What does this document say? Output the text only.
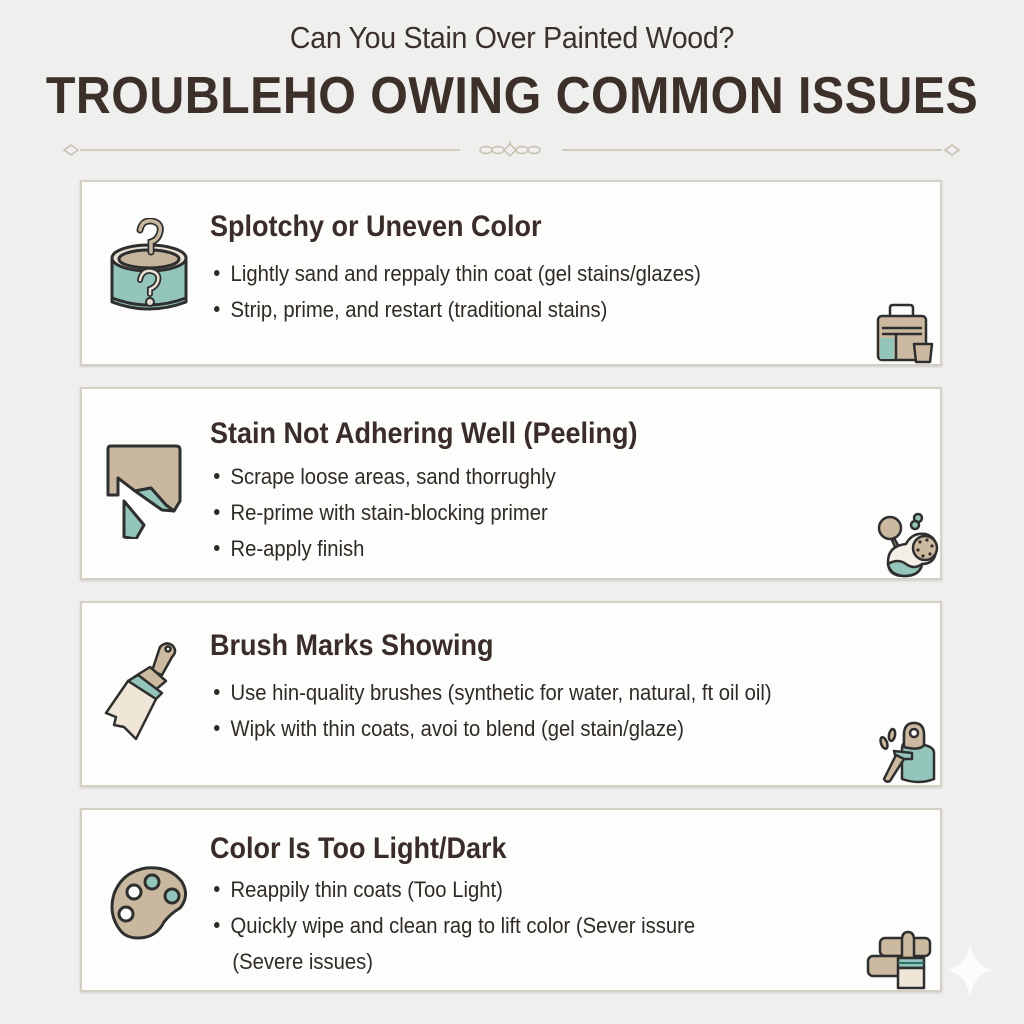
Can You Stain Over Painted Wood?
TROUBLEHO OWING COMMON ISSUES
Splotchy or Uneven Color
Lightly sand and reppaly thin coat (gel stains/glazes)
Strip, prime, and restart (traditional stains)
Stain Not Adhering Well (Peeling)
Scrape loose areas, sand thorrughly
Re-prime with stain-blocking primer
Re-apply finish
Brush Marks Showing
Use hin-quality brushes (synthetic for water, natural, ft oil oil)
Wipk with thin coats, avoi to blend (gel stain/glaze)
Color Is Too Light/Dark
Reappily thin coats (Too Light)
Quickly wipe and clean rag to lift color (Sever issure
(Severe issues)
